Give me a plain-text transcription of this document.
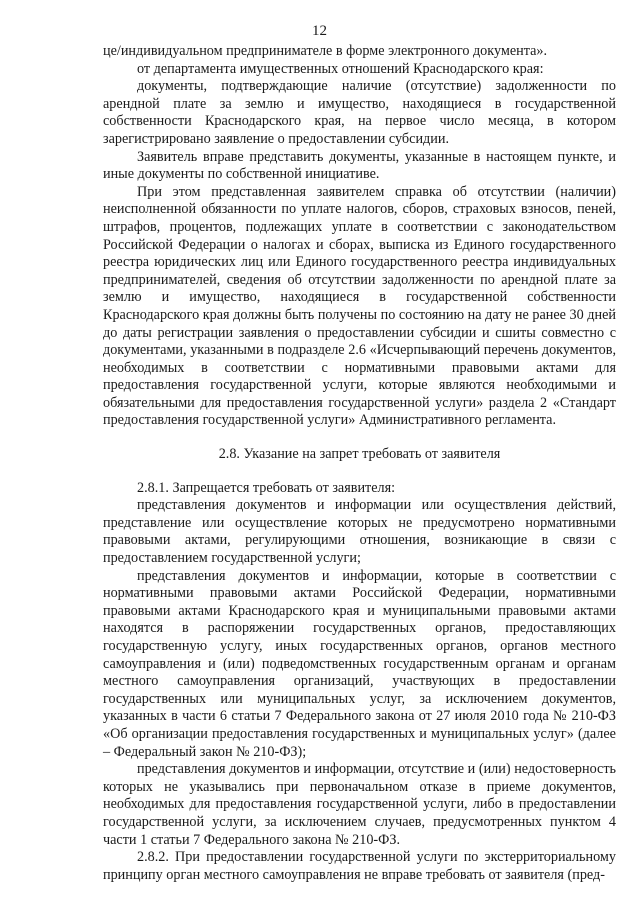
12

це/индивидуальном предпринимателе в форме электронного документа».

от департамента имущественных отношений Краснодарского края:

документы, подтверждающие наличие (отсутствие) задолженности по арендной плате за землю и имущество, находящиеся в государственной собственности Краснодарского края, на первое число месяца, в котором зарегистрировано заявление о предоставлении субсидии.

Заявитель вправе представить документы, указанные в настоящем пункте, и иные документы по собственной инициативе.

При этом представленная заявителем справка об отсутствии (наличии) неисполненной обязанности по уплате налогов, сборов, страховых взносов, пеней, штрафов, процентов, подлежащих уплате в соответствии с законодательством Российской Федерации о налогах и сборах, выписка из Единого государственного реестра юридических лиц или Единого государственного реестра индивидуальных предпринимателей, сведения об отсутствии задолженности по арендной плате за землю и имущество, находящиеся в государственной собственности Краснодарского края должны быть получены по состоянию на дату не ранее 30 дней до даты регистрации заявления о предоставлении субсидии и сшиты совместно с документами, указанными в подразделе 2.6 «Исчерпывающий перечень документов, необходимых в соответствии с нормативными правовыми актами для предоставления государственной услуги, которые являются необходимыми и обязательными для предоставления государственной услуги» раздела 2 «Стандарт предоставления государственной услуги» Административного регламента.

2.8. Указание на запрет требовать от заявителя

2.8.1. Запрещается требовать от заявителя:

представления документов и информации или осуществления действий, представление или осуществление которых не предусмотрено нормативными правовыми актами, регулирующими отношения, возникающие в связи с предоставлением государственной услуги;

представления документов и информации, которые в соответствии с нормативными правовыми актами Российской Федерации, нормативными правовыми актами Краснодарского края и муниципальными правовыми актами находятся в распоряжении государственных органов, предоставляющих государственную услугу, иных государственных органов, органов местного самоуправления и (или) подведомственных государственным органам и органам местного самоуправления организаций, участвующих в предоставлении государственных или муниципальных услуг, за исключением документов, указанных в части 6 статьи 7 Федерального закона от 27 июля 2010 года № 210-ФЗ «Об организации предоставления государственных и муниципальных услуг» (далее – Федеральный закон № 210-ФЗ);

представления документов и информации, отсутствие и (или) недостоверность которых не указывались при первоначальном отказе в приеме документов, необходимых для предоставления государственной услуги, либо в предоставлении государственной услуги, за исключением случаев, предусмотренных пунктом 4 части 1 статьи 7 Федерального закона № 210-ФЗ.

2.8.2. При предоставлении государственной услуги по экстерриториальному принципу орган местного самоуправления не вправе требовать от заявителя (пред-
